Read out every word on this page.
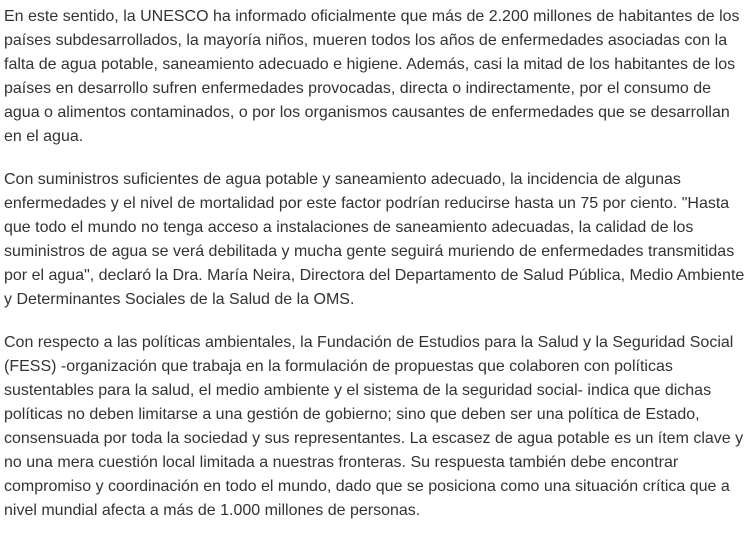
En este sentido, la UNESCO ha informado oficialmente que más de 2.200 millones de habitantes de los países subdesarrollados, la mayoría niños, mueren todos los años de enfermedades asociadas con la falta de agua potable, saneamiento adecuado e higiene. Además, casi la mitad de los habitantes de los países en desarrollo sufren enfermedades provocadas, directa o indirectamente, por el consumo de agua o alimentos contaminados, o por los organismos causantes de enfermedades que se desarrollan en el agua.

Con suministros suficientes de agua potable y saneamiento adecuado, la incidencia de algunas enfermedades y el nivel de mortalidad por este factor podrían reducirse hasta un 75 por ciento. "Hasta que todo el mundo no tenga acceso a instalaciones de saneamiento adecuadas, la calidad de los suministros de agua se verá debilitada y mucha gente seguirá muriendo de enfermedades transmitidas por el agua", declaró la Dra. María Neira, Directora del Departamento de Salud Pública, Medio Ambiente y Determinantes Sociales de la Salud de la OMS.

Con respecto a las políticas ambientales, la Fundación de Estudios para la Salud y la Seguridad Social (FESS) -organización que trabaja en la formulación de propuestas que colaboren con políticas sustentables para la salud, el medio ambiente y el sistema de la seguridad social- indica que dichas políticas no deben limitarse a una gestión de gobierno; sino que deben ser una política de Estado, consensuada por toda la sociedad y sus representantes. La escasez de agua potable es un ítem clave y no una mera cuestión local limitada a nuestras fronteras. Su respuesta también debe encontrar compromiso y coordinación en todo el mundo, dado que se posiciona como una situación crítica que a nivel mundial afecta a más de 1.000 millones de personas.
